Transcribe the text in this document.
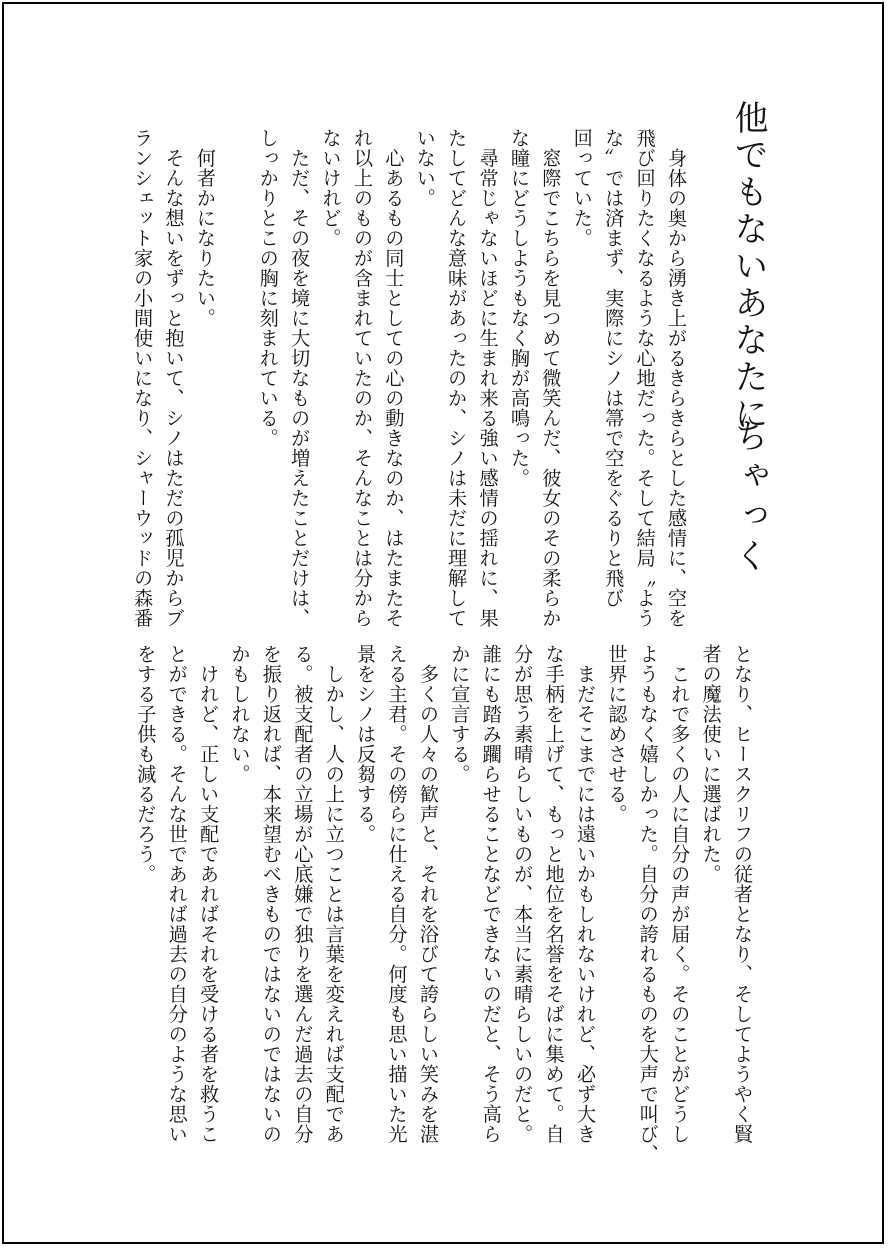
他でもないあなたに
ちゃっく
　身体の奥から湧き上がるきらきらとした感情に、空を
飛び回りたくなるような心地だった。そして結局〝よう
な〟では済まず、実際にシノは箒で空をぐるりと飛び
回っていた。
　窓際でこちらを見つめて微笑んだ、彼女のその柔らか
な瞳にどうしようもなく胸が高鳴った。
　尋常じゃないほどに生まれ来る強い感情の揺れに、果
たしてどんな意味があったのか、シノは未だに理解して
いない。
　心あるもの同士としての心の動きなのか、はたまたそ
れ以上のものが含まれていたのか、そんなことは分から
ないけれど。
　ただ、その夜を境に大切なものが増えたことだけは、
しっかりとこの胸に刻まれている。

　何者かになりたい。
　そんな想いをずっと抱いて、シノはただの孤児からブ
ランシェット家の小間使いになり、シャーウッドの森番
となり、ヒースクリフの従者となり、そしてようやく賢
者の魔法使いに選ばれた。
　これで多くの人に自分の声が届く。そのことがどうし
ようもなく嬉しかった。自分の誇れるものを大声で叫び、
世界に認めさせる。
　まだそこまでには遠いかもしれないけれど、必ず大き
な手柄を上げて、もっと地位を名誉をそばに集めて。自
分が思う素晴らしいものが、本当に素晴らしいのだと。
誰にも踏み躙らせることなどできないのだと、そう高ら
かに宣言する。
　多くの人々の歓声と、それを浴びて誇らしい笑みを湛
える主君。その傍らに仕える自分。何度も思い描いた光
景をシノは反芻する。
　しかし、人の上に立つことは言葉を変えれば支配であ
る。被支配者の立場が心底嫌で独りを選んだ過去の自分
を振り返れば、本来望むべきものではないのではないの
かもしれない。
　けれど、正しい支配であればそれを受ける者を救うこ
とができる。そんな世であれば過去の自分のような思い
をする子供も減るだろう。
